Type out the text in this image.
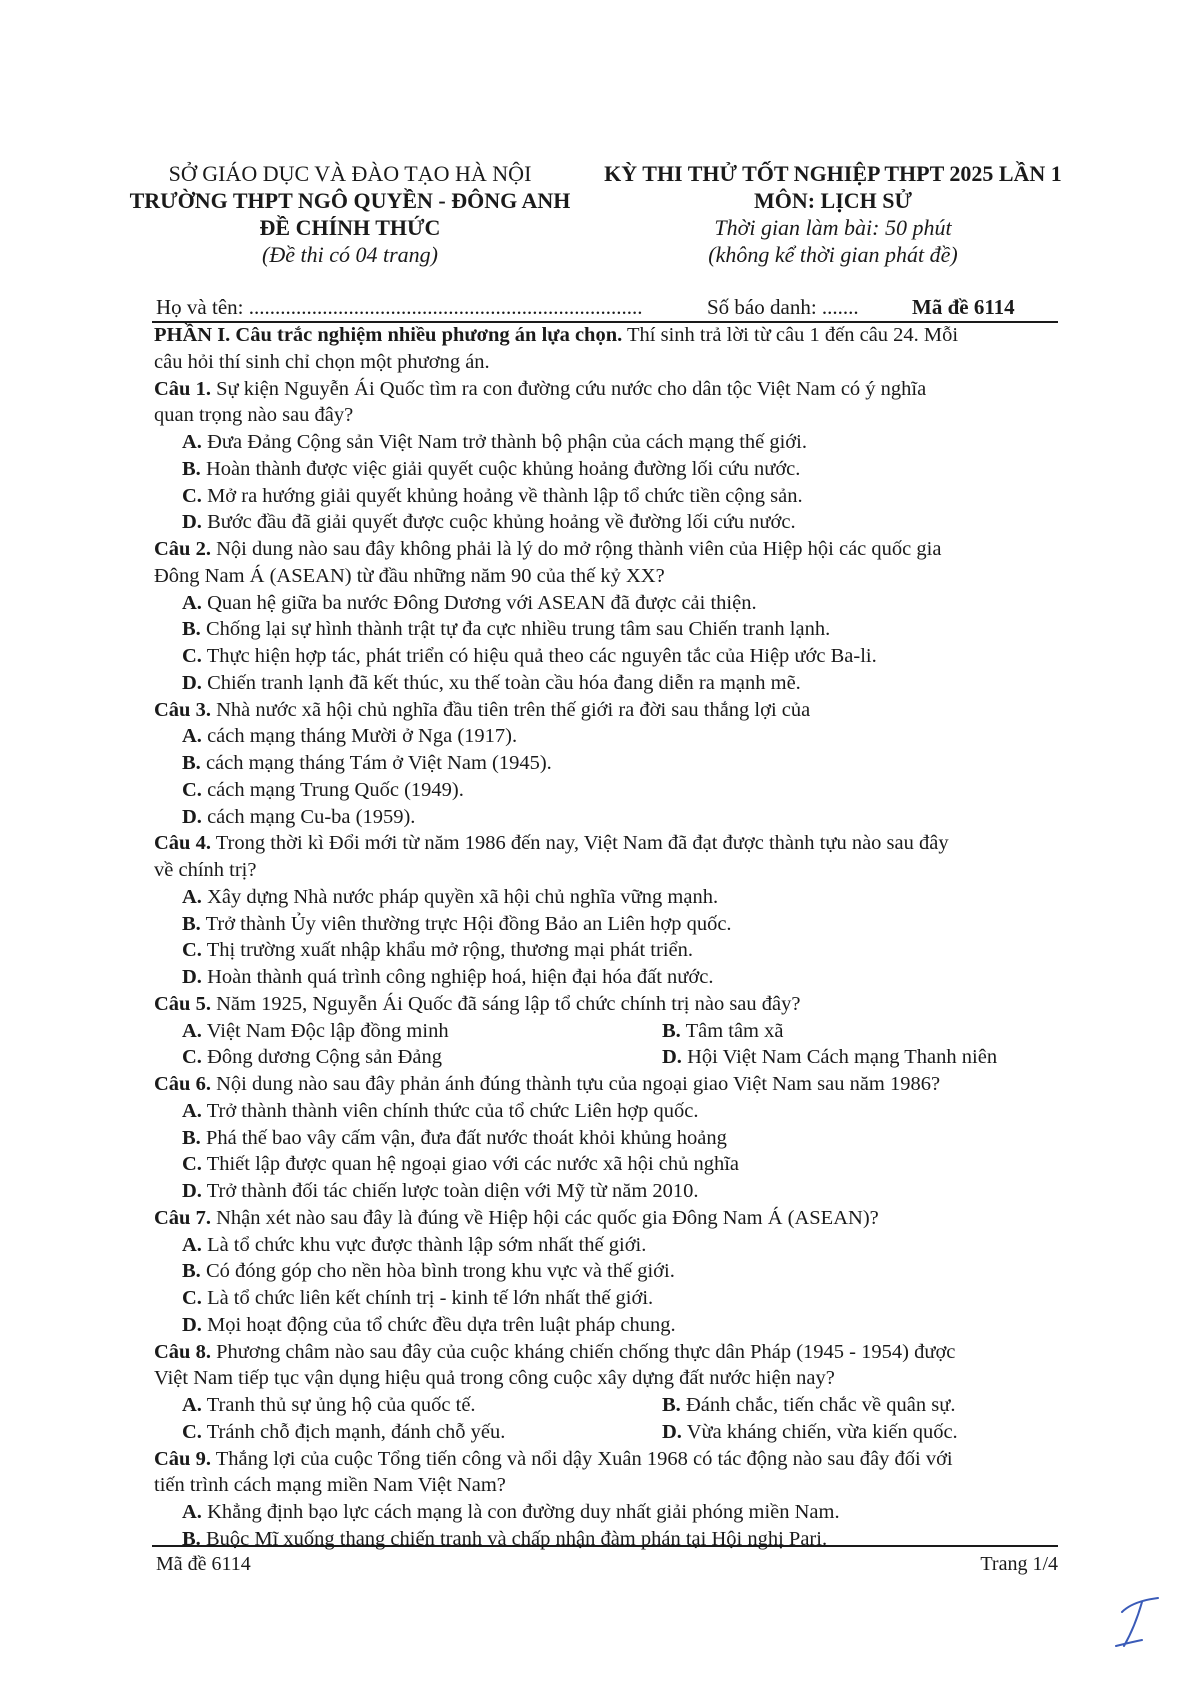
SỞ GIÁO DỤC VÀ ĐÀO TẠO HÀ NỘI
TRƯỜNG THPT NGÔ QUYỀN - ĐÔNG ANH
ĐỀ CHÍNH THỨC
(Đề thi có 04 trang)
KỲ THI THỬ TỐT NGHIỆP THPT 2025 LẦN 1
MÔN: LỊCH SỬ
Thời gian làm bài: 50 phút
(không kể thời gian phát đề)
Họ và tên: ...........................................................................	Số báo danh: .......	Mã đề 6114
PHẦN I. Câu trắc nghiệm nhiều phương án lựa chọn. Thí sinh trả lời từ câu 1 đến câu 24. Mỗi
câu hỏi thí sinh chỉ chọn một phương án.
Câu 1. Sự kiện Nguyễn Ái Quốc tìm ra con đường cứu nước cho dân tộc Việt Nam có ý nghĩa
quan trọng nào sau đây?
A. Đưa Đảng Cộng sản Việt Nam trở thành bộ phận của cách mạng thế giới.
B. Hoàn thành được việc giải quyết cuộc khủng hoảng đường lối cứu nước.
C. Mở ra hướng giải quyết khủng hoảng về thành lập tổ chức tiền cộng sản.
D. Bước đầu đã giải quyết được cuộc khủng hoảng về đường lối cứu nước.
Câu 2. Nội dung nào sau đây không phải là lý do mở rộng thành viên của Hiệp hội các quốc gia
Đông Nam Á (ASEAN) từ đầu những năm 90 của thế kỷ XX?
A. Quan hệ giữa ba nước Đông Dương với ASEAN đã được cải thiện.
B. Chống lại sự hình thành trật tự đa cực nhiều trung tâm sau Chiến tranh lạnh.
C. Thực hiện hợp tác, phát triển có hiệu quả theo các nguyên tắc của Hiệp ước Ba-li.
D. Chiến tranh lạnh đã kết thúc, xu thế toàn cầu hóa đang diễn ra mạnh mẽ.
Câu 3. Nhà nước xã hội chủ nghĩa đầu tiên trên thế giới ra đời sau thắng lợi của
A. cách mạng tháng Mười ở Nga (1917).
B. cách mạng tháng Tám ở Việt Nam (1945).
C. cách mạng Trung Quốc (1949).
D. cách mạng Cu-ba (1959).
Câu 4. Trong thời kì Đổi mới từ năm 1986 đến nay, Việt Nam đã đạt được thành tựu nào sau đây
về chính trị?
A. Xây dựng Nhà nước pháp quyền xã hội chủ nghĩa vững mạnh.
B. Trở thành Ủy viên thường trực Hội đồng Bảo an Liên hợp quốc.
C. Thị trường xuất nhập khẩu mở rộng, thương mại phát triển.
D. Hoàn thành quá trình công nghiệp hoá, hiện đại hóa đất nước.
Câu 5. Năm 1925, Nguyễn Ái Quốc đã sáng lập tổ chức chính trị nào sau đây?
A. Việt Nam Độc lập đồng minh	B. Tâm tâm xã
C. Đông dương Cộng sản Đảng	D. Hội Việt Nam Cách mạng Thanh niên
Câu 6. Nội dung nào sau đây phản ánh đúng thành tựu của ngoại giao Việt Nam sau năm 1986?
A. Trở thành thành viên chính thức của tổ chức Liên hợp quốc.
B. Phá thế bao vây cấm vận, đưa đất nước thoát khỏi khủng hoảng
C. Thiết lập được quan hệ ngoại giao với các nước xã hội chủ nghĩa
D. Trở thành đối tác chiến lược toàn diện với Mỹ từ năm 2010.
Câu 7. Nhận xét nào sau đây là đúng về Hiệp hội các quốc gia Đông Nam Á (ASEAN)?
A. Là tổ chức khu vực được thành lập sớm nhất thế giới.
B. Có đóng góp cho nền hòa bình trong khu vực và thế giới.
C. Là tổ chức liên kết chính trị - kinh tế lớn nhất thế giới.
D. Mọi hoạt động của tổ chức đều dựa trên luật pháp chung.
Câu 8. Phương châm nào sau đây của cuộc kháng chiến chống thực dân Pháp (1945 - 1954) được
Việt Nam tiếp tục vận dụng hiệu quả trong công cuộc xây dựng đất nước hiện nay?
A. Tranh thủ sự ủng hộ của quốc tế.	B. Đánh chắc, tiến chắc về quân sự.
C. Tránh chỗ địch mạnh, đánh chỗ yếu.	D. Vừa kháng chiến, vừa kiến quốc.
Câu 9. Thắng lợi của cuộc Tổng tiến công và nổi dậy Xuân 1968 có tác động nào sau đây đối với
tiến trình cách mạng miền Nam Việt Nam?
A. Khẳng định bạo lực cách mạng là con đường duy nhất giải phóng miền Nam.
B. Buộc Mĩ xuống thang chiến tranh và chấp nhận đàm phán tại Hội nghị Pari.
Mã đề 6114	Trang 1/4
